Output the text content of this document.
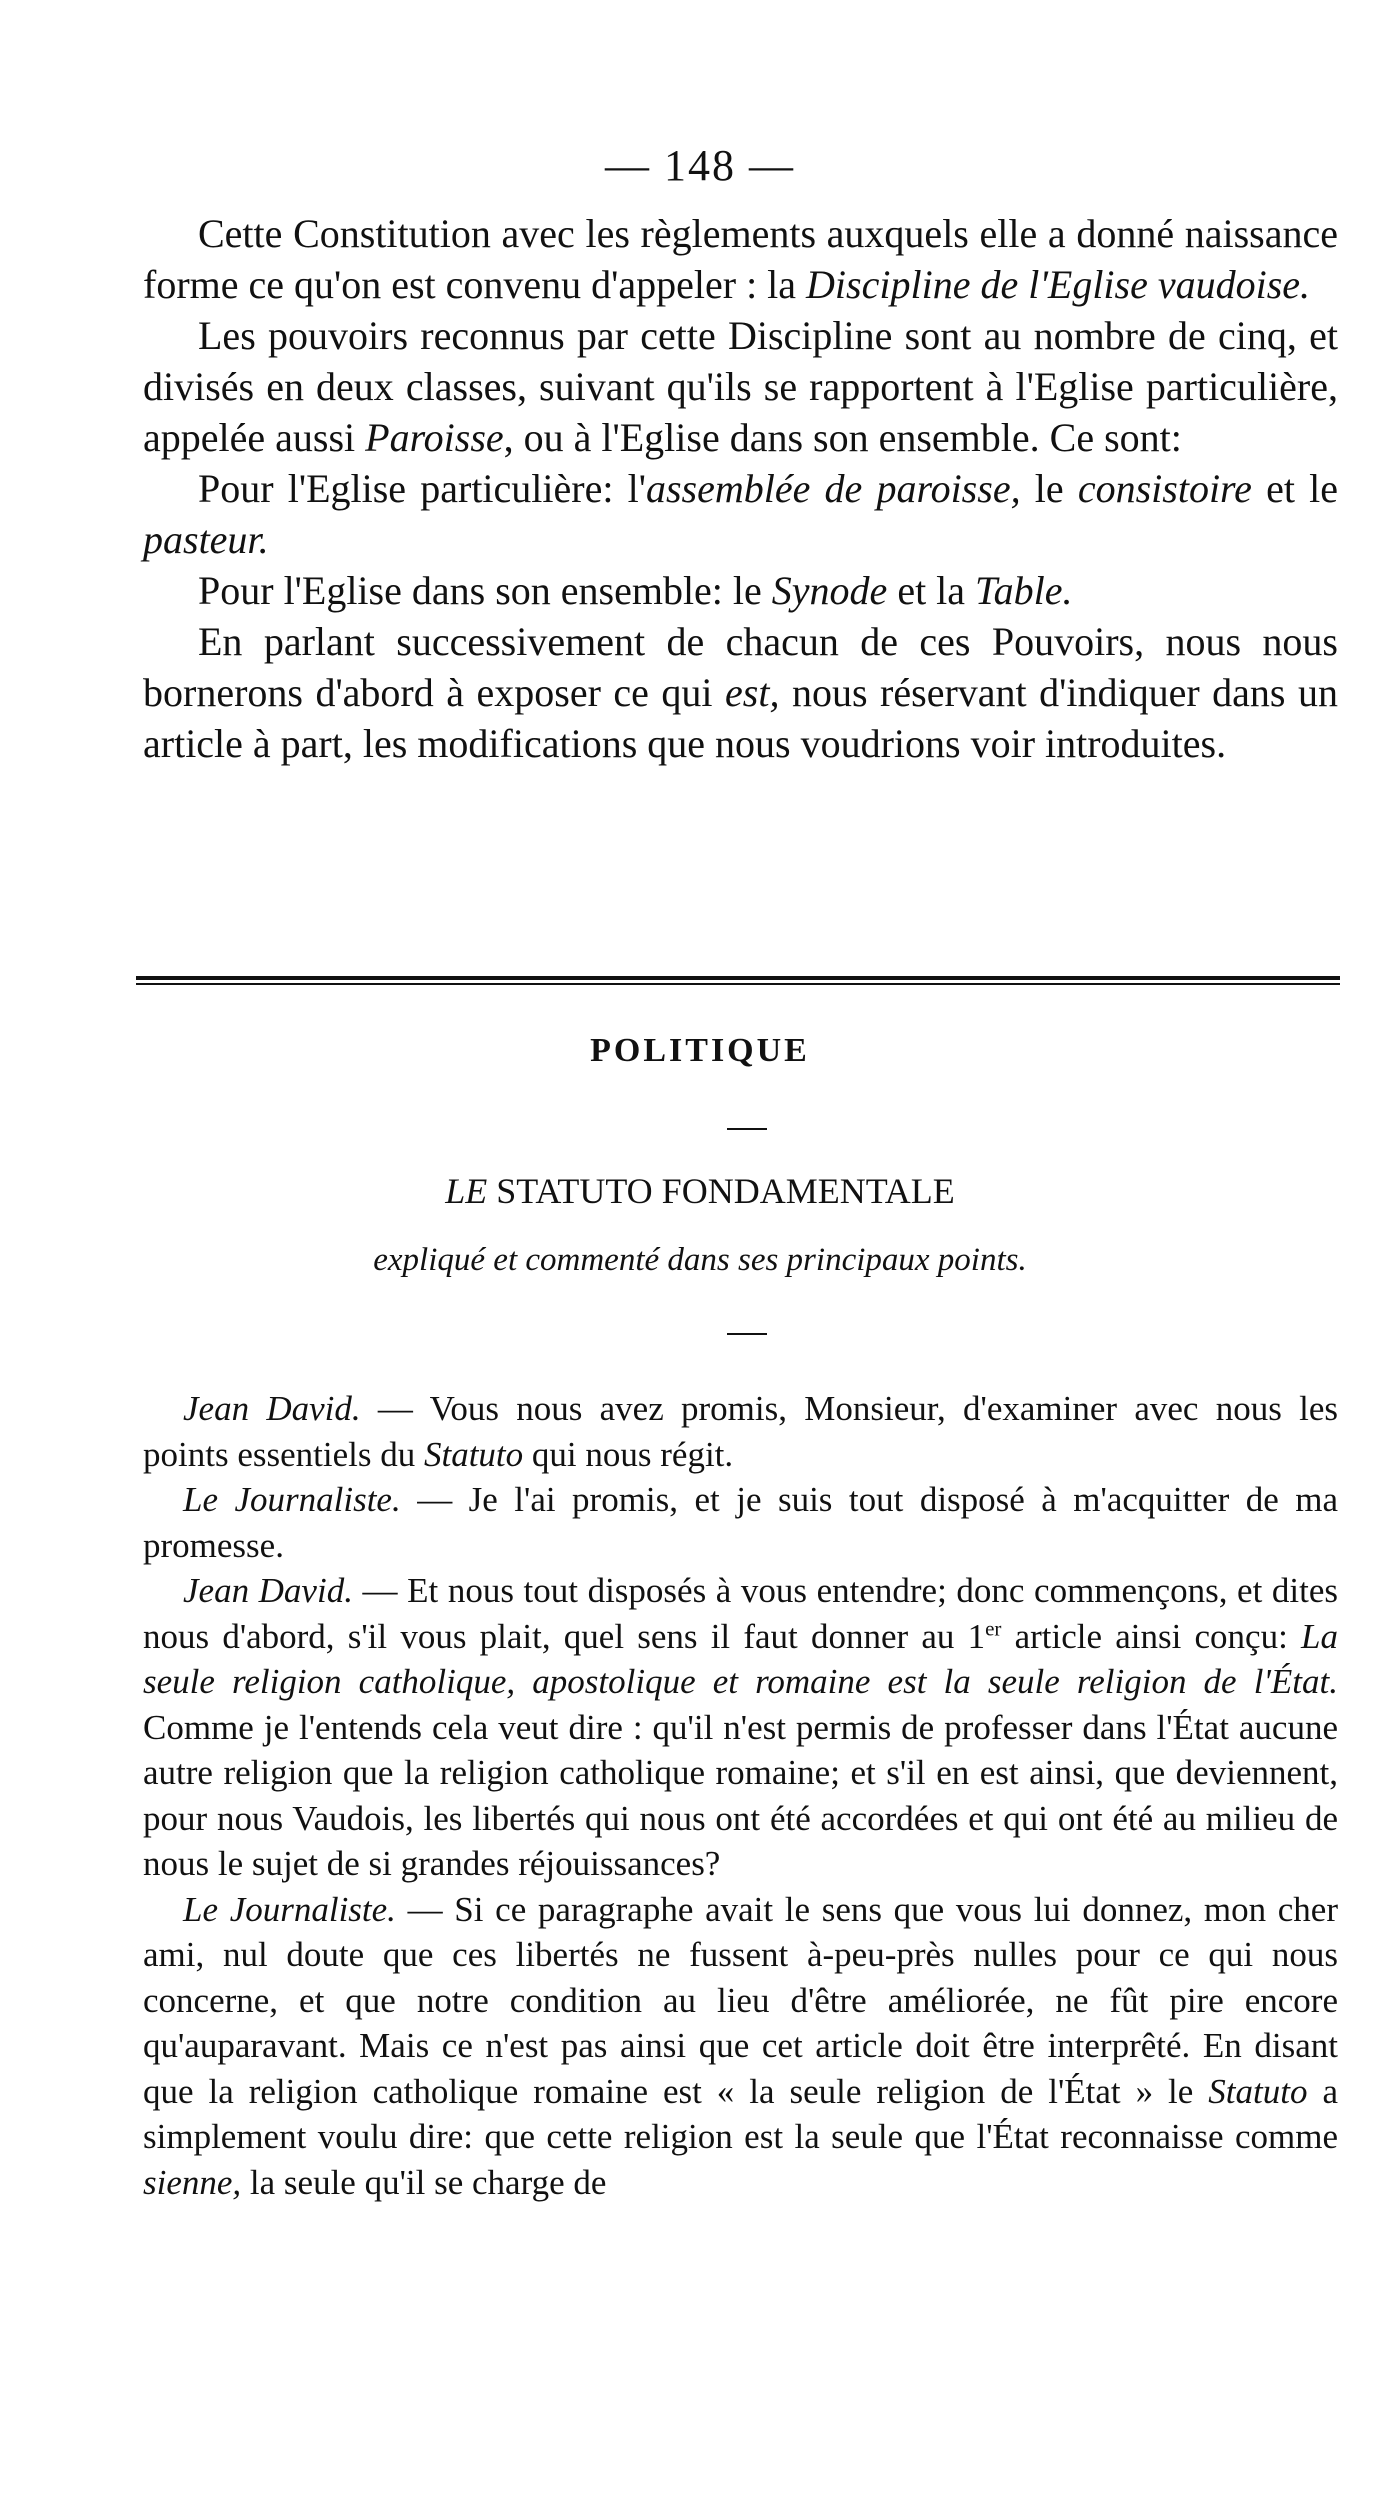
— 148 —

Cette Constitution avec les règlements auxquels elle a donné naissance forme ce qu'on est convenu d'appeler : la Discipline de l'Eglise vaudoise.

Les pouvoirs reconnus par cette Discipline sont au nombre de cinq, et divisés en deux classes, suivant qu'ils se rapportent à l'Eglise particulière, appelée aussi Paroisse, ou à l'Eglise dans son ensemble. Ce sont:

Pour l'Eglise particulière: l'assemblée de paroisse, le consistoire et le pasteur.

Pour l'Eglise dans son ensemble: le Synode et la Table.

En parlant successivement de chacun de ces Pouvoirs, nous nous bornerons d'abord à exposer ce qui est, nous réservant d'indiquer dans un article à part, les modifications que nous voudrions voir introduites.

POLITIQUE
LE STATUTO FONDAMENTALE
expliqué et commenté dans ses principaux points.

Jean David. — Vous nous avez promis, Monsieur, d'examiner avec nous les points essentiels du Statuto qui nous régit.

Le Journaliste. — Je l'ai promis, et je suis tout disposé à m'acquitter de ma promesse.

Jean David. — Et nous tout disposés à vous entendre; donc commençons, et dites nous d'abord, s'il vous plait, quel sens il faut donner au 1er article ainsi conçu: La seule religion catholique, apostolique et romaine est la seule religion de l'État. Comme je l'entends cela veut dire : qu'il n'est permis de professer dans l'État aucune autre religion que la religion catholique romaine; et s'il en est ainsi, que deviennent, pour nous Vaudois, les libertés qui nous ont été accordées et qui ont été au milieu de nous le sujet de si grandes réjouissances?

Le Journaliste. — Si ce paragraphe avait le sens que vous lui donnez, mon cher ami, nul doute que ces libertés ne fussent à-peu-près nulles pour ce qui nous concerne, et que notre condition au lieu d'être améliorée, ne fût pire encore qu'auparavant. Mais ce n'est pas ainsi que cet article doit être interprêté. En disant que la religion catholique romaine est « la seule religion de l'État » le Statuto a simplement voulu dire: que cette religion est la seule que l'État reconnaisse comme sienne, la seule qu'il se charge de
